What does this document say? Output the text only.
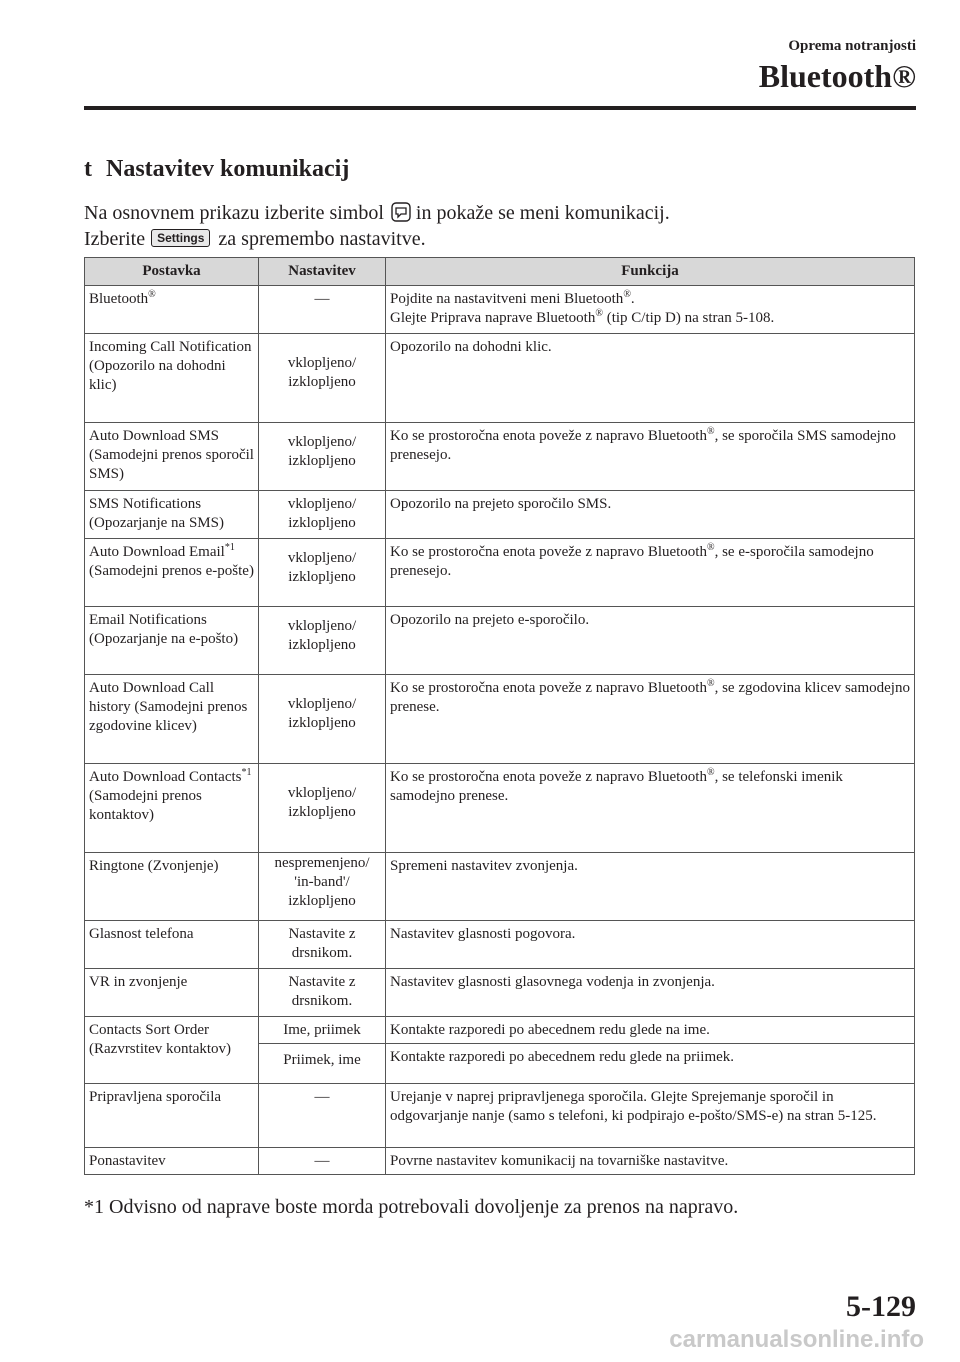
Oprema notranjosti
Bluetooth®
t Nastavitev komunikacij
Na osnovnem prikazu izberite simbol in pokaže se meni komunikacij.
Izberite Settings za spremembo nastavitve.
Postavka	Nastavitev	Funkcija
Bluetooth®	―	Pojdite na nastavitveni meni Bluetooth®.
Glejte Priprava naprave Bluetooth® (tip C/tip D) na stran 5-108.

Incoming Call Notification (Opozorilo na dohodni klic)	vklopljeno/ izklopljeno	Opozorilo na dohodni klic.
Auto Download SMS (Samodejni prenos sporočil SMS)	vklopljeno/ izklopljeno	Ko se prostoročna enota poveže z napravo Bluetooth®, se sporočila SMS samodejno prenesejo.
SMS Notifications (Opozarjanje na SMS)	vklopljeno/ izklopljeno	Opozorilo na prejeto sporočilo SMS.
Auto Download Email$^{*1}$ (Samodejni prenos e-pošte)	vklopljeno/ izklopljeno	Ko se prostoročna enota poveže z napravo Bluetooth®, se e-sporočila samodejno prenesejo.
Email Notifications (Opozarjanje na e-pošto)	vklopljeno/ izklopljeno	Opozorilo na prejeto e-sporočilo.
Auto Download Call history (Samodejni prenos zgodovine klicev)	vklopljeno/ izklopljeno	Ko se prostoročna enota poveže z napravo Bluetooth®, se zgodovina klicev samodejno prenese.
Auto Download Contacts$^{*1}$ (Samodejni prenos kontaktov)	vklopljeno/ izklopljeno	Ko se prostoročna enota poveže z napravo Bluetooth®, se telefonski imenik samodejno prenese.
Ringtone (Zvonjenje)	nespremenjeno/ 'in-band'/ izklopljeno	Spremeni nastavitev zvonjenja.
Glasnost telefona	Nastavite z drsnikom.	Nastavitev glasnosti pogovora.
VR in zvonjenje	Nastavite z drsnikom.	Nastavitev glasnosti glasovnega vodenja in zvonjenja.
Contacts Sort Order (Razvrstitev kontaktov)	Ime, priimek	Kontakte razporedi po abecednem redu glede na ime.
	Priimek, ime	Kontakte razporedi po abecednem redu glede na priimek.
Pripravljena sporočila	―	Urejanje v naprej pripravljenega sporočila. Glejte Sprejemanje sporočil in odgovarjanje nanje (samo s telefoni, ki podpirajo e-pošto/SMS-e) na stran 5-125.
Ponastavitev	―	Povrne nastavitev komunikacij na tovarniške nastavitve.
*1 Odvisno od naprave boste morda potrebovali dovoljenje za prenos na napravo.
5-129
carmanualsonline.info
